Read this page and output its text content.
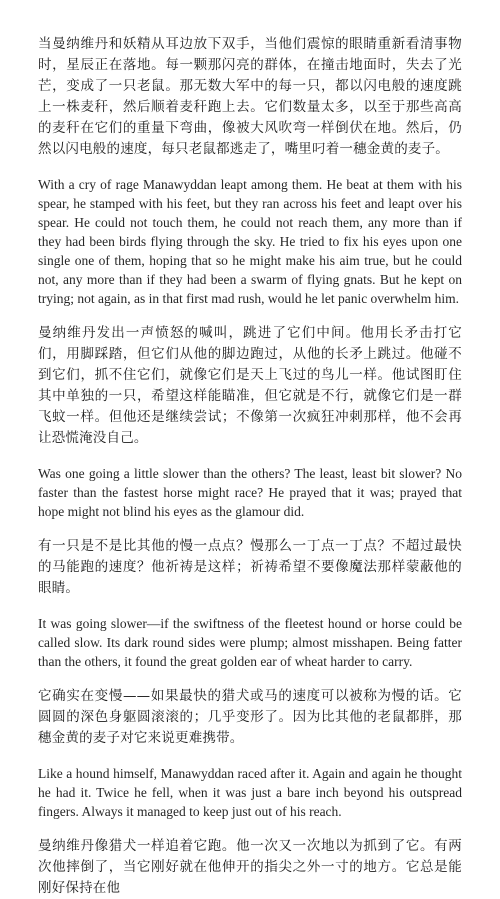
当曼纳维丹和妖精从耳边放下双手，当他们震惊的眼睛重新看清事物时，星辰正在落地。每一颗那闪亮的群体，在撞击地面时，失去了光芒，变成了一只老鼠。那无数大军中的每一只，都以闪电般的速度跳上一株麦秆，然后顺着麦秆跑上去。它们数量太多，以至于那些高高的麦秆在它们的重量下弯曲，像被大风吹弯一样倒伏在地。然后，仍然以闪电般的速度，每只老鼠都逃走了，嘴里叼着一穗金黄的麦子。

With a cry of rage Manawyddan leapt among them. He beat at them with his spear, he stamped with his feet, but they ran across his feet and leapt over his spear. He could not touch them, he could not reach them, any more than if they had been birds flying through the sky. He tried to fix his eyes upon one single one of them, hoping that so he might make his aim true, but he could not, any more than if they had been a swarm of flying gnats. But he kept on trying; not again, as in that first mad rush, would he let panic overwhelm him.

曼纳维丹发出一声愤怒的喊叫，跳进了它们中间。他用长矛击打它们，用脚踩踏，但它们从他的脚边跑过，从他的长矛上跳过。他碰不到它们，抓不住它们，就像它们是天上飞过的鸟儿一样。他试图盯住其中单独的一只，希望这样能瞄准，但它就是不行，就像它们是一群飞蚊一样。但他还是继续尝试；不像第一次疯狂冲刺那样，他不会再让恐慌淹没自己。

Was one going a little slower than the others? The least, least bit slower? No faster than the fastest horse might race? He prayed that it was; prayed that hope might not blind his eyes as the glamour did.

有一只是不是比其他的慢一点点？慢那么一丁点一丁点？不超过最快的马能跑的速度？他祈祷是这样；祈祷希望不要像魔法那样蒙蔽他的眼睛。

It was going slower—if the swiftness of the fleetest hound or horse could be called slow. Its dark round sides were plump; almost misshapen. Being fatter than the others, it found the great golden ear of wheat harder to carry.

它确实在变慢——如果最快的猎犬或马的速度可以被称为慢的话。它圆圆的深色身躯圆滚滚的；几乎变形了。因为比其他的老鼠都胖，那穗金黄的麦子对它来说更难携带。

Like a hound himself, Manawyddan raced after it. Again and again he thought he had it. Twice he fell, when it was just a bare inch beyond his outspread fingers. Always it managed to keep just out of his reach.

曼纳维丹像猎犬一样追着它跑。他一次又一次地以为抓到了它。有两次他摔倒了，当它刚好就在他伸开的指尖之外一寸的地方。它总是能刚好保持在他
